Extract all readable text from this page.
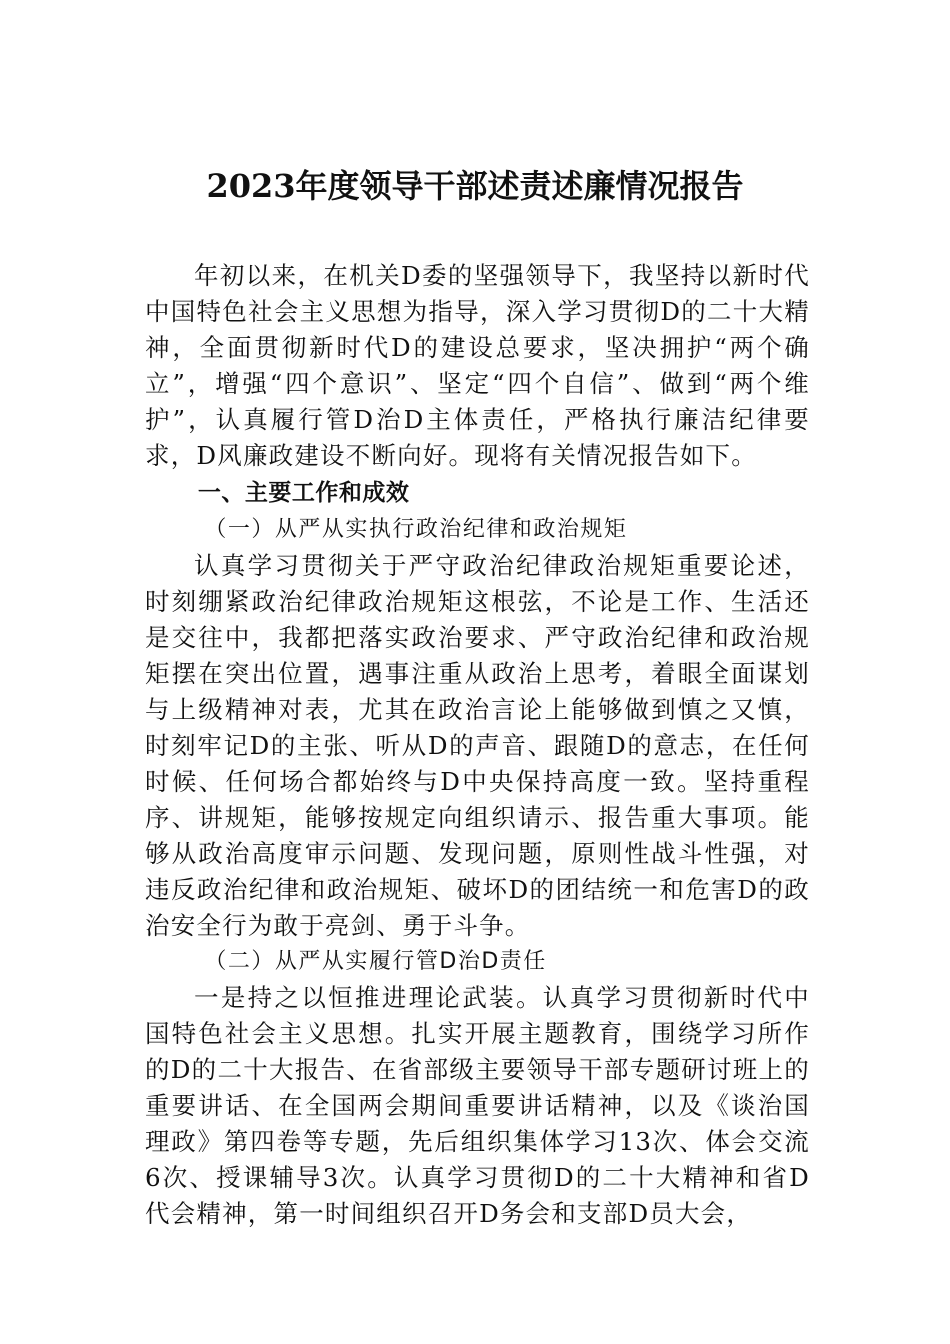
2023年度领导干部述责述廉情况报告

年初以来，在机关D委的坚强领导下，我坚持以新时代中国特色社会主义思想为指导，深入学习贯彻D的二十大精神，全面贯彻新时代D的建设总要求，坚决拥护“两个确立”，增强“四个意识”、坚定“四个自信”、做到“两个维护”，认真履行管D治D主体责任，严格执行廉洁纪律要求，D风廉政建设不断向好。现将有关情况报告如下。

一、主要工作和成效

（一）从严从实执行政治纪律和政治规矩

认真学习贯彻关于严守政治纪律政治规矩重要论述，时刻绷紧政治纪律政治规矩这根弦，不论是工作、生活还是交往中，我都把落实政治要求、严守政治纪律和政治规矩摆在突出位置，遇事注重从政治上思考，着眼全面谋划与上级精神对表，尤其在政治言论上能够做到慎之又慎，时刻牢记D的主张、听从D的声音、跟随D的意志，在任何时候、任何场合都始终与D中央保持高度一致。坚持重程序、讲规矩，能够按规定向组织请示、报告重大事项。能够从政治高度审示问题、发现问题，原则性战斗性强，对违反政治纪律和政治规矩、破坏D的团结统一和危害D的政治安全行为敢于亮剑、勇于斗争。

（二）从严从实履行管D治D责任

一是持之以恒推进理论武装。认真学习贯彻新时代中国特色社会主义思想。扎实开展主题教育，围绕学习所作的D的二十大报告、在省部级主要领导干部专题研讨班上的重要讲话、在全国两会期间重要讲话精神，以及《谈治国理政》第四卷等专题，先后组织集体学习13次、体会交流6次、授课辅导3次。认真学习贯彻D的二十大精神和省D代会精神，第一时间组织召开D务会和支部D员大会，
